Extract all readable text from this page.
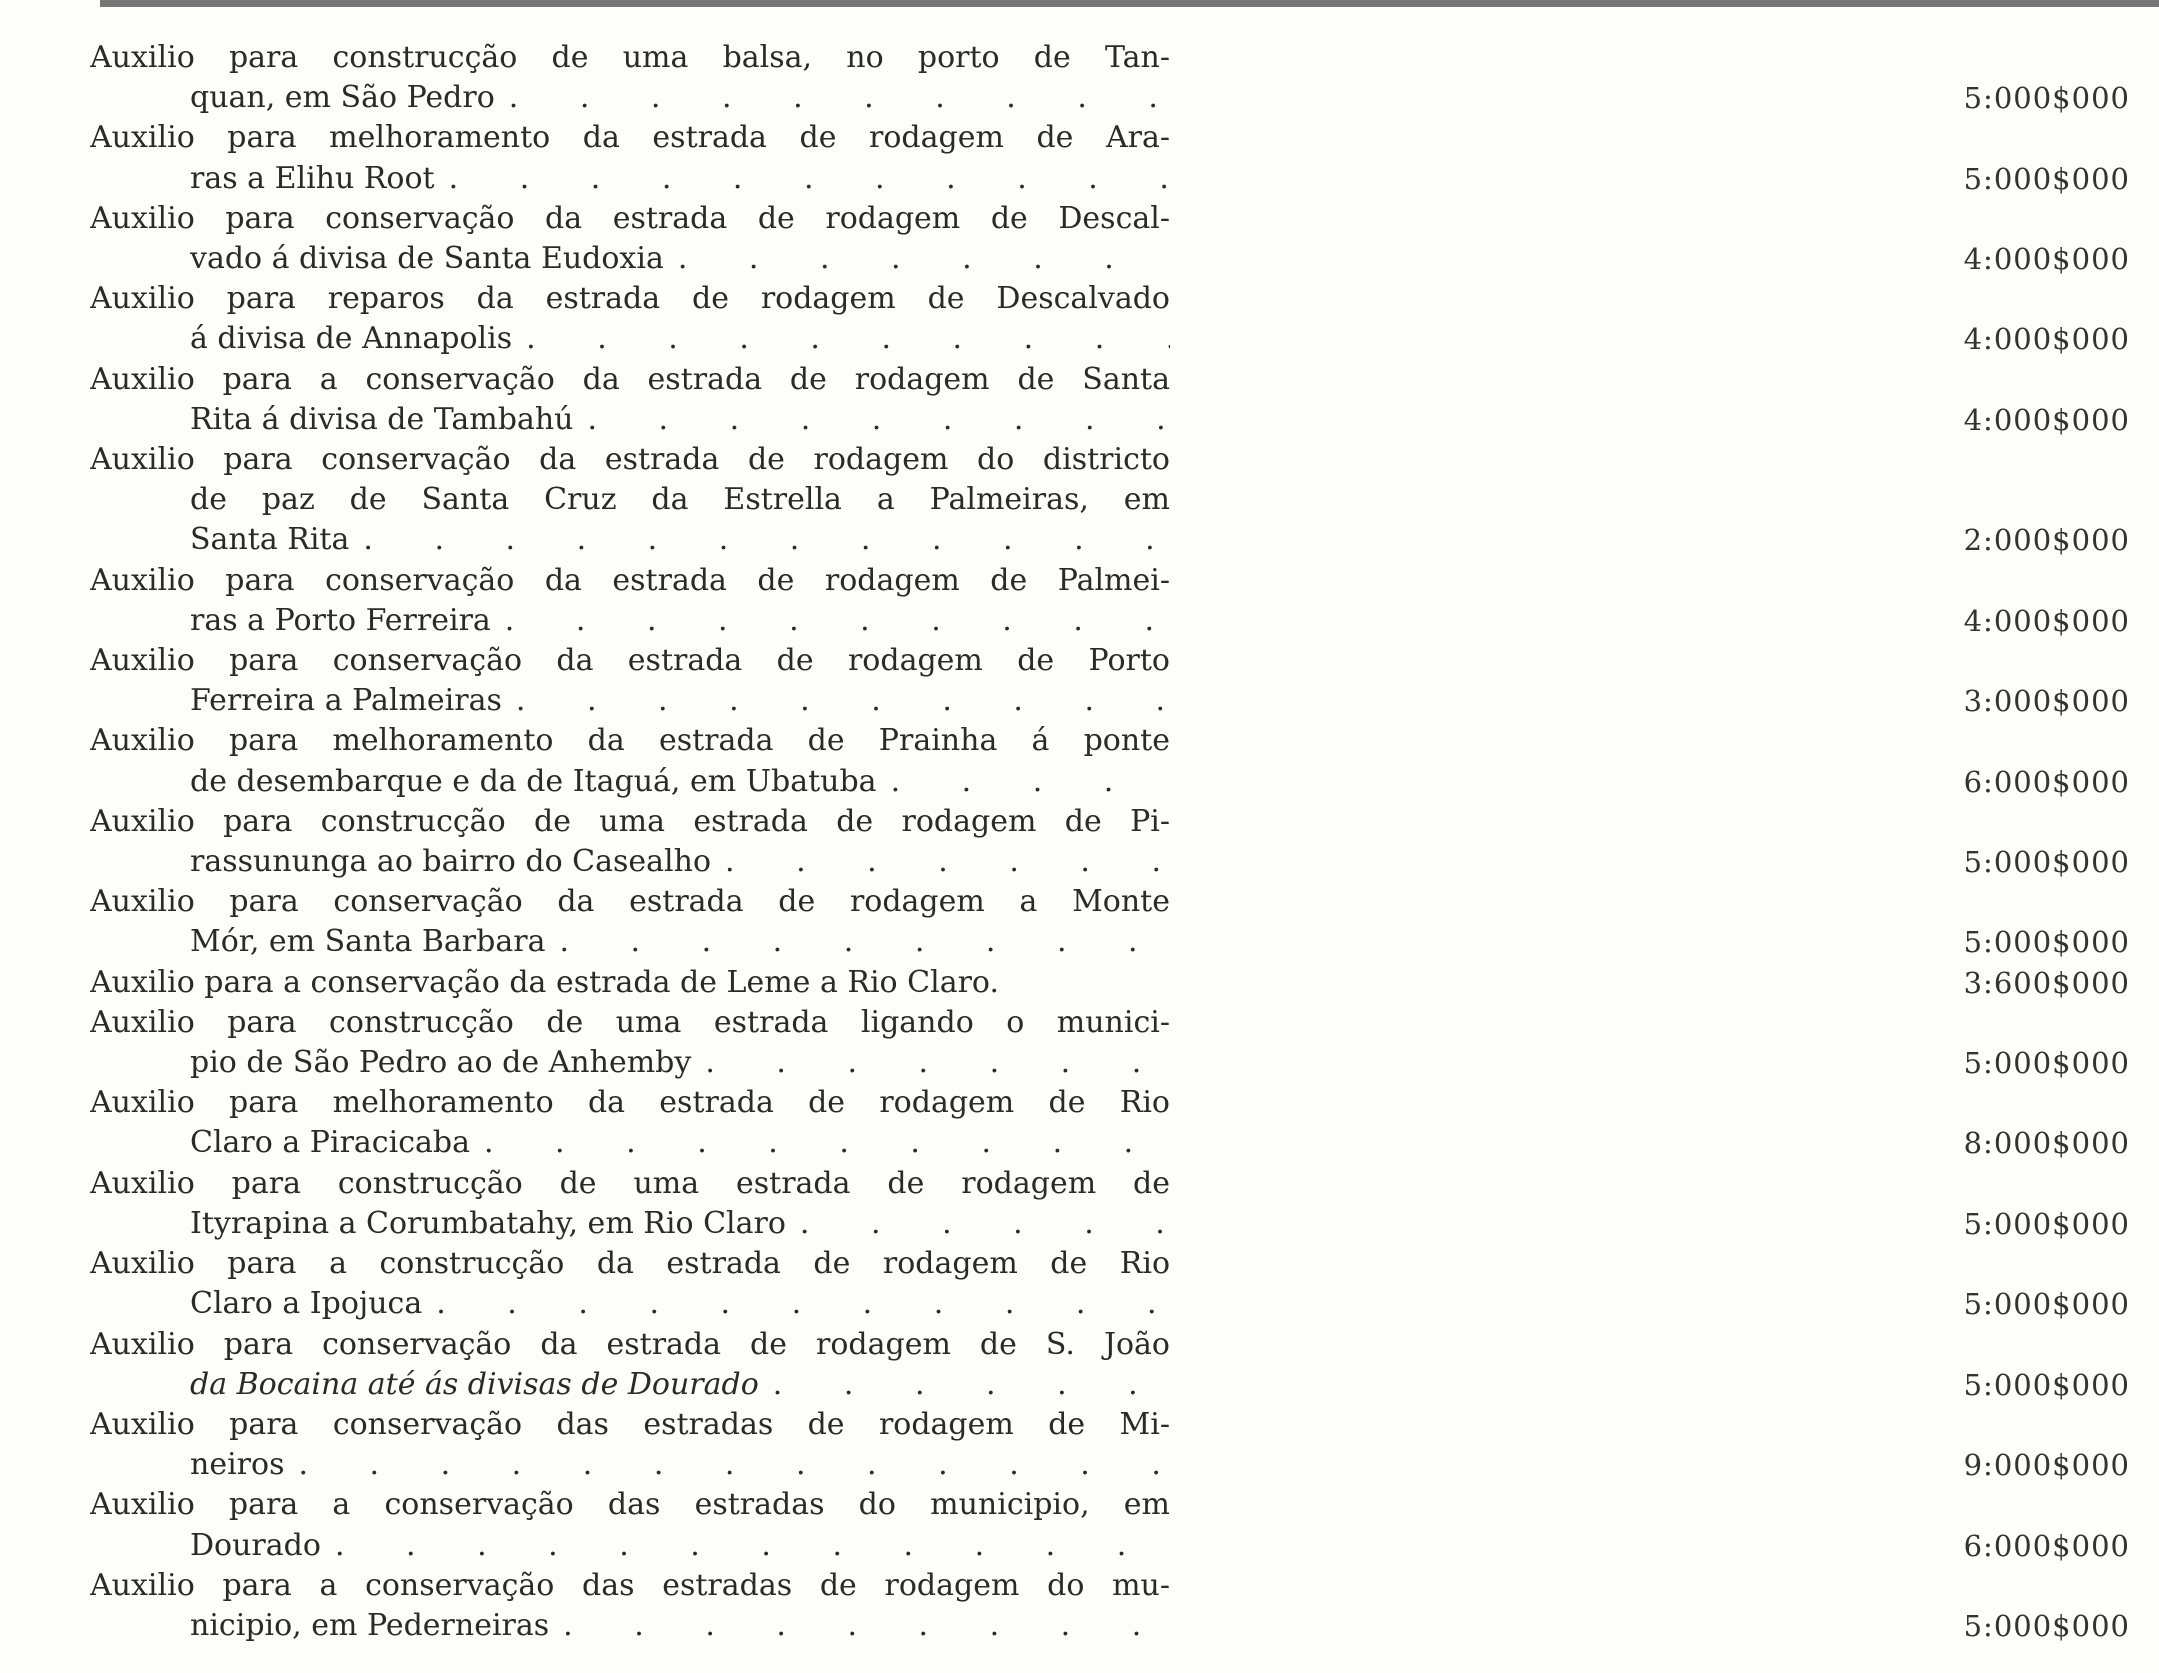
Auxilio para construcção de uma balsa, no porto de Tan-
quan, em São Pedro . . .	5:000$000
Auxilio para melhoramento da estrada de rodagem de Ara-
ras a Elihu Root . . .	5:000$000
Auxilio para conservação da estrada de rodagem de Descal-
vado á divisa de Santa Eudoxia . . .	4:000$000
Auxilio para reparos da estrada de rodagem de Descalvado
á divisa de Annapolis . . .	4:000$000
Auxilio para a conservação da estrada de rodagem de Santa
Rita á divisa de Tambahú . . .	4:000$000
Auxilio para conservação da estrada de rodagem do districto
de paz de Santa Cruz da Estrella a Palmeiras, em
Santa Rita . . .	2:000$000
Auxilio para conservação da estrada de rodagem de Palmei-
ras a Porto Ferreira . . .	4:000$000
Auxilio para conservação da estrada de rodagem de Porto
Ferreira a Palmeiras . . .	3:000$000
Auxilio para melhoramento da estrada de Prainha á ponte
de desembarque e da de Itaguá, em Ubatuba . . .	6:000$000
Auxilio para construcção de uma estrada de rodagem de Pi-
rassununga ao bairro do Casealho . . .	5:000$000
Auxilio para conservação da estrada de rodagem a Monte
Mór, em Santa Barbara . . .	5:000$000
Auxilio para a conservação da estrada de Leme a Rio Claro.	3:600$000
Auxilio para construcção de uma estrada ligando o munici-
pio de São Pedro ao de Anhemby . . .	5:000$000
Auxilio para melhoramento da estrada de rodagem de Rio
Claro a Piracicaba . . .	8:000$000
Auxilio para construcção de uma estrada de rodagem de
Ityrapina a Corumbatahy, em Rio Claro . . .	5:000$000
Auxilio para a construcção da estrada de rodagem de Rio
Claro a Ipojuca . . .	5:000$000
Auxilio para conservação da estrada de rodagem de S. João
da Bocaina até ás divisas de Dourado . . .	5:000$000
Auxilio para conservação das estradas de rodagem de Mi-
neiros . . .	9:000$000
Auxilio para a conservação das estradas do municipio, em
Dourado . . .	6:000$000
Auxilio para a conservação das estradas de rodagem do mu-
nicipio, em Pederneiras . . .	5:000$000
